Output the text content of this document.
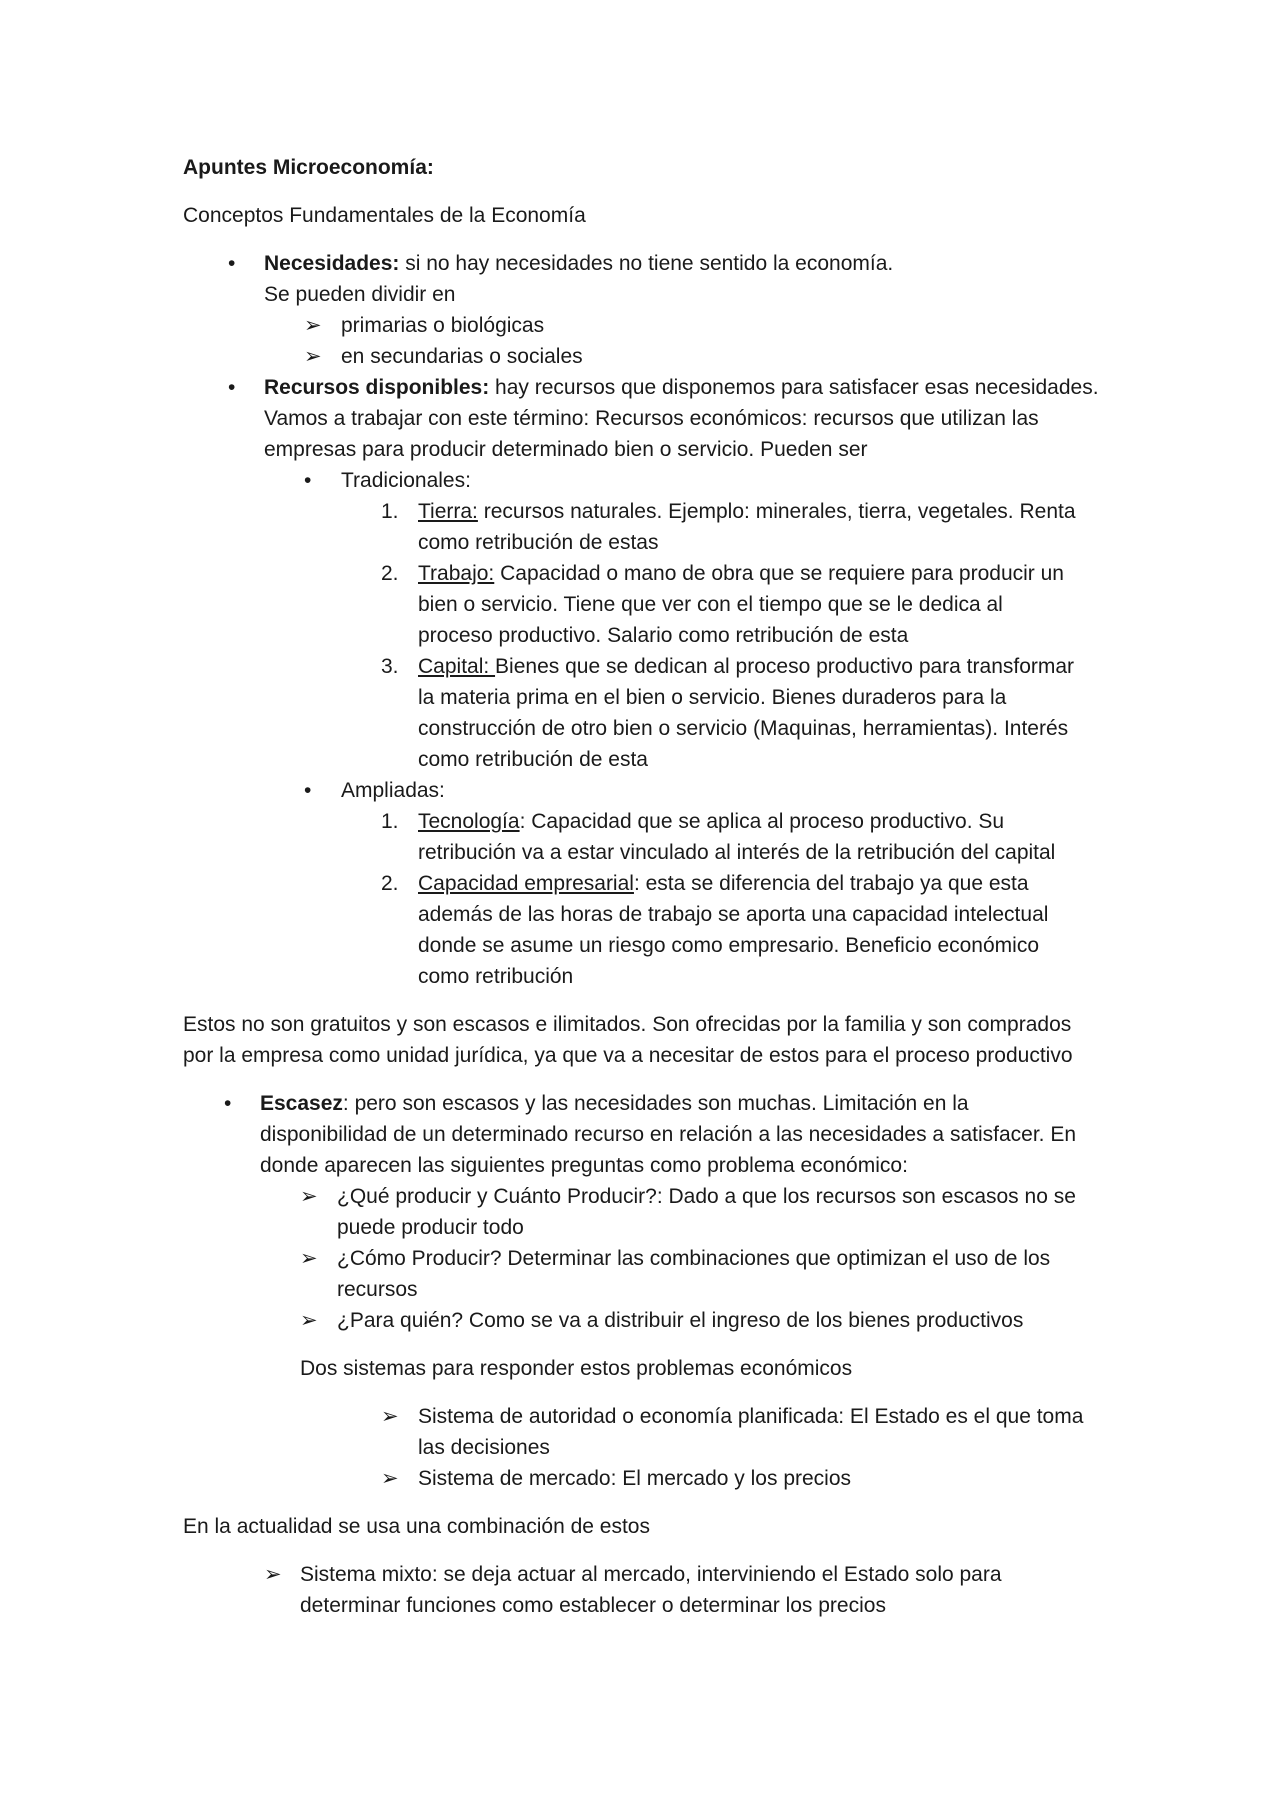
Apuntes Microeconomía:
Conceptos Fundamentales de la Economía
• Necesidades: si no hay necesidades no tiene sentido la economía.
Se pueden dividir en
➢ primarias o biológicas
➢ en secundarias o sociales
• Recursos disponibles: hay recursos que disponemos para satisfacer esas necesidades.
Vamos a trabajar con este término: Recursos económicos: recursos que utilizan las
empresas para producir determinado bien o servicio. Pueden ser
• Tradicionales:
1. Tierra: recursos naturales. Ejemplo: minerales, tierra, vegetales. Renta
como retribución de estas
2. Trabajo: Capacidad o mano de obra que se requiere para producir un
bien o servicio. Tiene que ver con el tiempo que se le dedica al
proceso productivo. Salario como retribución de esta
3. Capital: Bienes que se dedican al proceso productivo para transformar
la materia prima en el bien o servicio. Bienes duraderos para la
construcción de otro bien o servicio (Maquinas, herramientas). Interés
como retribución de esta
• Ampliadas:
1. Tecnología: Capacidad que se aplica al proceso productivo. Su
retribución va a estar vinculado al interés de la retribución del capital
2. Capacidad empresarial: esta se diferencia del trabajo ya que esta
además de las horas de trabajo se aporta una capacidad intelectual
donde se asume un riesgo como empresario. Beneficio económico
como retribución
Estos no son gratuitos y son escasos e ilimitados. Son ofrecidas por la familia y son comprados
por la empresa como unidad jurídica, ya que va a necesitar de estos para el proceso productivo
• Escasez: pero son escasos y las necesidades son muchas. Limitación en la
disponibilidad de un determinado recurso en relación a las necesidades a satisfacer. En
donde aparecen las siguientes preguntas como problema económico:
➢ ¿Qué producir y Cuánto Producir?: Dado a que los recursos son escasos no se
puede producir todo
➢ ¿Cómo Producir? Determinar las combinaciones que optimizan el uso de los
recursos
➢ ¿Para quién? Como se va a distribuir el ingreso de los bienes productivos
Dos sistemas para responder estos problemas económicos
➢ Sistema de autoridad o economía planificada: El Estado es el que toma
las decisiones
➢ Sistema de mercado: El mercado y los precios
En la actualidad se usa una combinación de estos
➢ Sistema mixto: se deja actuar al mercado, interviniendo el Estado solo para
determinar funciones como establecer o determinar los precios
